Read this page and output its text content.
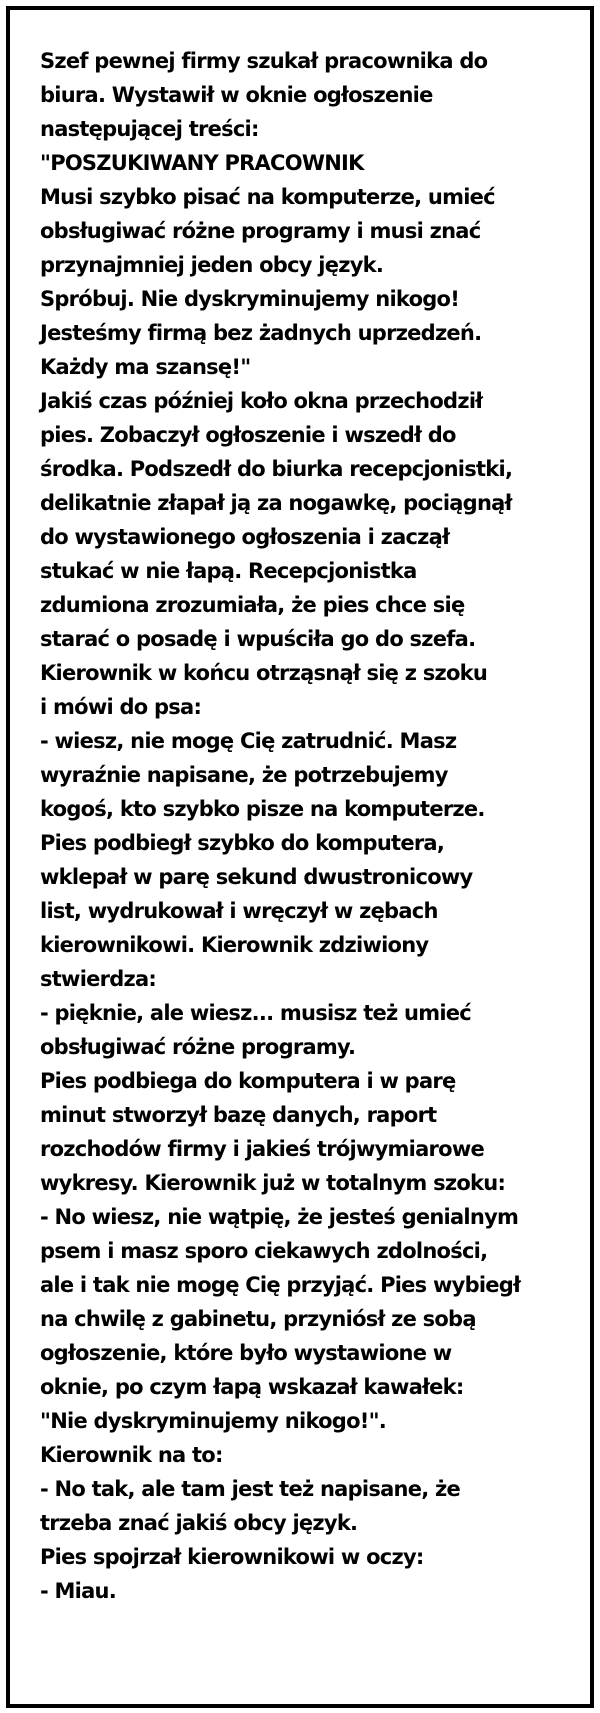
Szef pewnej firmy szukał pracownika do
biura. Wystawił w oknie ogłoszenie
następującej treści:
"POSZUKIWANY PRACOWNIK
Musi szybko pisać na komputerze, umieć
obsługiwać różne programy i musi znać
przynajmniej jeden obcy język.
Spróbuj. Nie dyskryminujemy nikogo!
Jesteśmy firmą bez żadnych uprzedzeń.
Każdy ma szansę!"
Jakiś czas później koło okna przechodził
pies. Zobaczył ogłoszenie i wszedł do
środka. Podszedł do biurka recepcjonistki,
delikatnie złapał ją za nogawkę, pociągnął
do wystawionego ogłoszenia i zaczął
stukać w nie łapą. Recepcjonistka
zdumiona zrozumiała, że pies chce się
starać o posadę i wpuściła go do szefa.
Kierownik w końcu otrząsnął się z szoku
i mówi do psa:
- wiesz, nie mogę Cię zatrudnić. Masz
wyraźnie napisane, że potrzebujemy
kogoś, kto szybko pisze na komputerze.
Pies podbiegł szybko do komputera,
wklepał w parę sekund dwustronicowy
list, wydrukował i wręczył w zębach
kierownikowi. Kierownik zdziwiony
stwierdza:
- pięknie, ale wiesz... musisz też umieć
obsługiwać różne programy.
Pies podbiega do komputera i w parę
minut stworzył bazę danych, raport
rozchodów firmy i jakieś trójwymiarowe
wykresy. Kierownik już w totalnym szoku:
- No wiesz, nie wątpię, że jesteś genialnym
psem i masz sporo ciekawych zdolności,
ale i tak nie mogę Cię przyjąć. Pies wybiegł
na chwilę z gabinetu, przyniósł ze sobą
ogłoszenie, które było wystawione w
oknie, po czym łapą wskazał kawałek:
"Nie dyskryminujemy nikogo!".
Kierownik na to:
- No tak, ale tam jest też napisane, że
trzeba znać jakiś obcy język.
Pies spojrzał kierownikowi w oczy:
- Miau.
